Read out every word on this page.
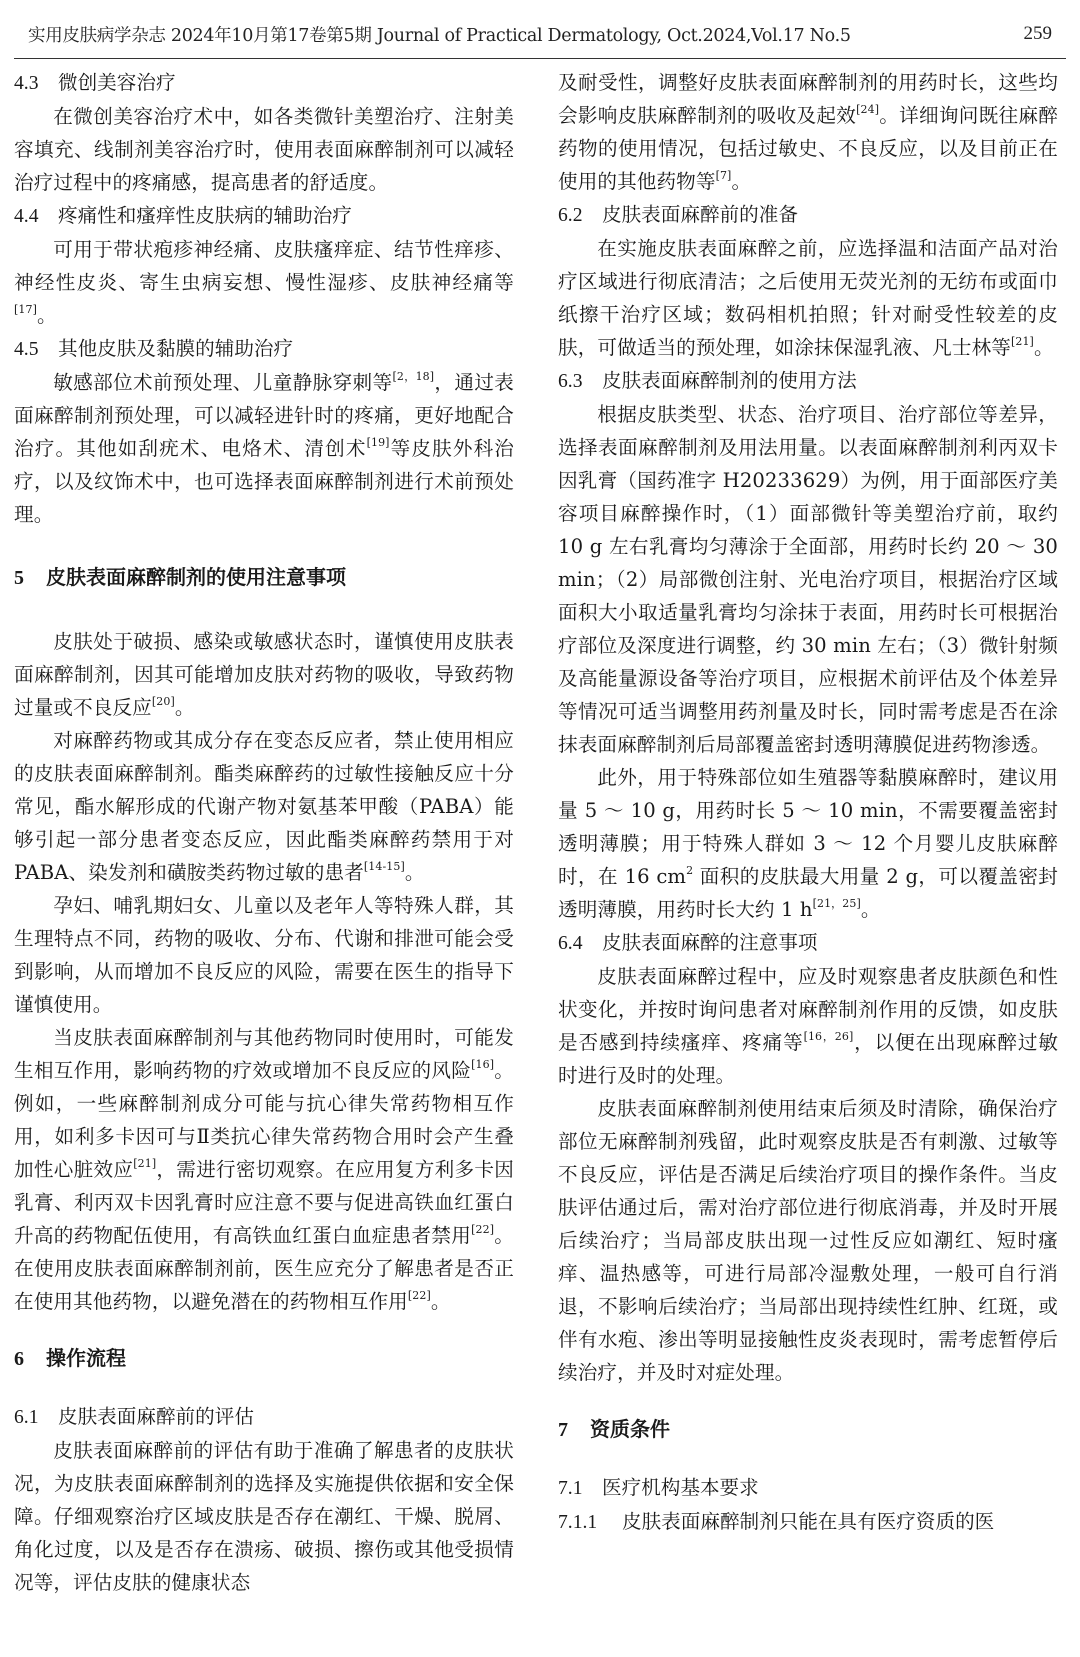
实用皮肤病学杂志 2024年10月第17卷第5期 Journal of Practical Dermatology, Oct.2024,Vol.17 No.5	259
4.3 微创美容治疗

在微创美容治疗术中，如各类微针美塑治疗、注射美容填充、线制剂美容治疗时，使用表面麻醉制剂可以减轻治疗过程中的疼痛感，提高患者的舒适度。

4.4 疼痛性和瘙痒性皮肤病的辅助治疗

可用于带状疱疹神经痛、皮肤瘙痒症、结节性痒疹、神经性皮炎、寄生虫病妄想、慢性湿疹、皮肤神经痛等[17]。

4.5 其他皮肤及黏膜的辅助治疗

敏感部位术前预处理、儿童静脉穿刺等[2，18]，通过表面麻醉制剂预处理，可以减轻进针时的疼痛，更好地配合治疗。其他如刮疣术、电烙术、清创术[19]等皮肤外科治疗，以及纹饰术中，也可选择表面麻醉制剂进行术前预处理。

5 皮肤表面麻醉制剂的使用注意事项

皮肤处于破损、感染或敏感状态时，谨慎使用皮肤表面麻醉制剂，因其可能增加皮肤对药物的吸收，导致药物过量或不良反应[20]。

对麻醉药物或其成分存在变态反应者，禁止使用相应的皮肤表面麻醉制剂。酯类麻醉药的过敏性接触反应十分常见，酯水解形成的代谢产物对氨基苯甲酸（PABA）能够引起一部分患者变态反应，因此酯类麻醉药禁用于对 PABA、染发剂和磺胺类药物过敏的患者[14-15]。

孕妇、哺乳期妇女、儿童以及老年人等特殊人群，其生理特点不同，药物的吸收、分布、代谢和排泄可能会受到影响，从而增加不良反应的风险，需要在医生的指导下谨慎使用。

当皮肤表面麻醉制剂与其他药物同时使用时，可能发生相互作用，影响药物的疗效或增加不良反应的风险[16]。例如，一些麻醉制剂成分可能与抗心律失常药物相互作用，如利多卡因可与Ⅱ类抗心律失常药物合用时会产生叠加性心脏效应[21]，需进行密切观察。在应用复方利多卡因乳膏、利丙双卡因乳膏时应注意不要与促进高铁血红蛋白升高的药物配伍使用，有高铁血红蛋白血症患者禁用[22]。在使用皮肤表面麻醉制剂前，医生应充分了解患者是否正在使用其他药物，以避免潜在的药物相互作用[22]。

6 操作流程
6.1 皮肤表面麻醉前的评估

皮肤表面麻醉前的评估有助于准确了解患者的皮肤状况，为皮肤表面麻醉制剂的选择及实施提供依据和安全保障。仔细观察治疗区域皮肤是否存在潮红、干燥、脱屑、角化过度，以及是否存在溃疡、破损、擦伤或其他受损情况等，评估皮肤的健康状态

及耐受性，调整好皮肤表面麻醉制剂的用药时长，这些均会影响皮肤麻醉制剂的吸收及起效[24]。详细询问既往麻醉药物的使用情况，包括过敏史、不良反应，以及目前正在使用的其他药物等[7]。

6.2 皮肤表面麻醉前的准备

在实施皮肤表面麻醉之前，应选择温和洁面产品对治疗区域进行彻底清洁；之后使用无荧光剂的无纺布或面巾纸擦干治疗区域；数码相机拍照；针对耐受性较差的皮肤，可做适当的预处理，如涂抹保湿乳液、凡士林等[21]。

6.3 皮肤表面麻醉制剂的使用方法

根据皮肤类型、状态、治疗项目、治疗部位等差异，选择表面麻醉制剂及用法用量。以表面麻醉制剂利丙双卡因乳膏（国药准字 H20233629）为例，用于面部医疗美容项目麻醉操作时，（1）面部微针等美塑治疗前，取约 10 g 左右乳膏均匀薄涂于全面部，用药时长约 20 ～ 30 min；（2）局部微创注射、光电治疗项目，根据治疗区域面积大小取适量乳膏均匀涂抹于表面，用药时长可根据治疗部位及深度进行调整，约 30 min 左右；（3）微针射频及高能量源设备等治疗项目，应根据术前评估及个体差异等情况可适当调整用药剂量及时长，同时需考虑是否在涂抹表面麻醉制剂后局部覆盖密封透明薄膜促进药物渗透。

此外，用于特殊部位如生殖器等黏膜麻醉时，建议用量 5 ～ 10 g，用药时长 5 ～ 10 min，不需要覆盖密封透明薄膜；用于特殊人群如 3 ～ 12 个月婴儿皮肤麻醉时，在 16 $cm^2$ 面积的皮肤最大用量 2 g，可以覆盖密封透明薄膜，用药时长大约 1 h[21，25]。

6.4 皮肤表面麻醉的注意事项

皮肤表面麻醉过程中，应及时观察患者皮肤颜色和性状变化，并按时询问患者对麻醉制剂作用的反馈，如皮肤是否感到持续瘙痒、疼痛等[16，26]，以便在出现麻醉过敏时进行及时的处理。

皮肤表面麻醉制剂使用结束后须及时清除，确保治疗部位无麻醉制剂残留，此时观察皮肤是否有刺激、过敏等不良反应，评估是否满足后续治疗项目的操作条件。当皮肤评估通过后，需对治疗部位进行彻底消毒，并及时开展后续治疗；当局部皮肤出现一过性反应如潮红、短时瘙痒、温热感等，可进行局部冷湿敷处理，一般可自行消退，不影响后续治疗；当局部出现持续性红肿、红斑，或伴有水疱、渗出等明显接触性皮炎表现时，需考虑暂停后续治疗，并及时对症处理。

7 资质条件
7.1 医疗机构基本要求
7.1.1 皮肤表面麻醉制剂只能在具有医疗资质的医
